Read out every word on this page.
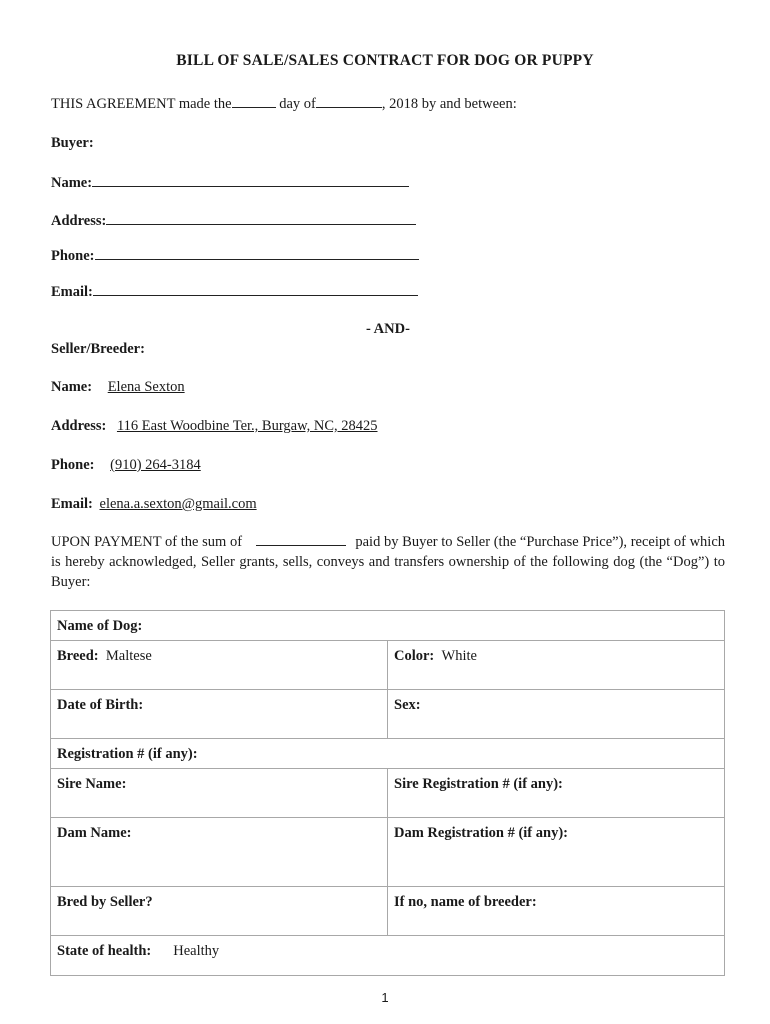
BILL OF SALE/SALES CONTRACT FOR DOG OR PUPPY
THIS AGREEMENT made the	day of	, 2018 by and between:
Buyer:
Name:
Address:
Phone:
Email:
- AND-
Seller/Breeder:
Name: Elena Sexton
Address: 116 East Woodbine Ter., Burgaw, NC, 28425
Phone: (910) 264-3184
Email: elena.a.sexton@gmail.com
UPON PAYMENT of the sum of	paid by Buyer to Seller (the “Purchase Price”), receipt of which is hereby acknowledged, Seller grants, sells, conveys and transfers ownership of the following dog (the “Dog”) to Buyer:
Name of Dog:	
Breed: Maltese	Color: White
Date of Birth:	Sex:
Registration # (if any):	
Sire Name:	Sire Registration # (if any):
Dam Name:	Dam Registration # (if any):
Bred by Seller?	If no, name of breeder:
State of health: Healthy	
1
